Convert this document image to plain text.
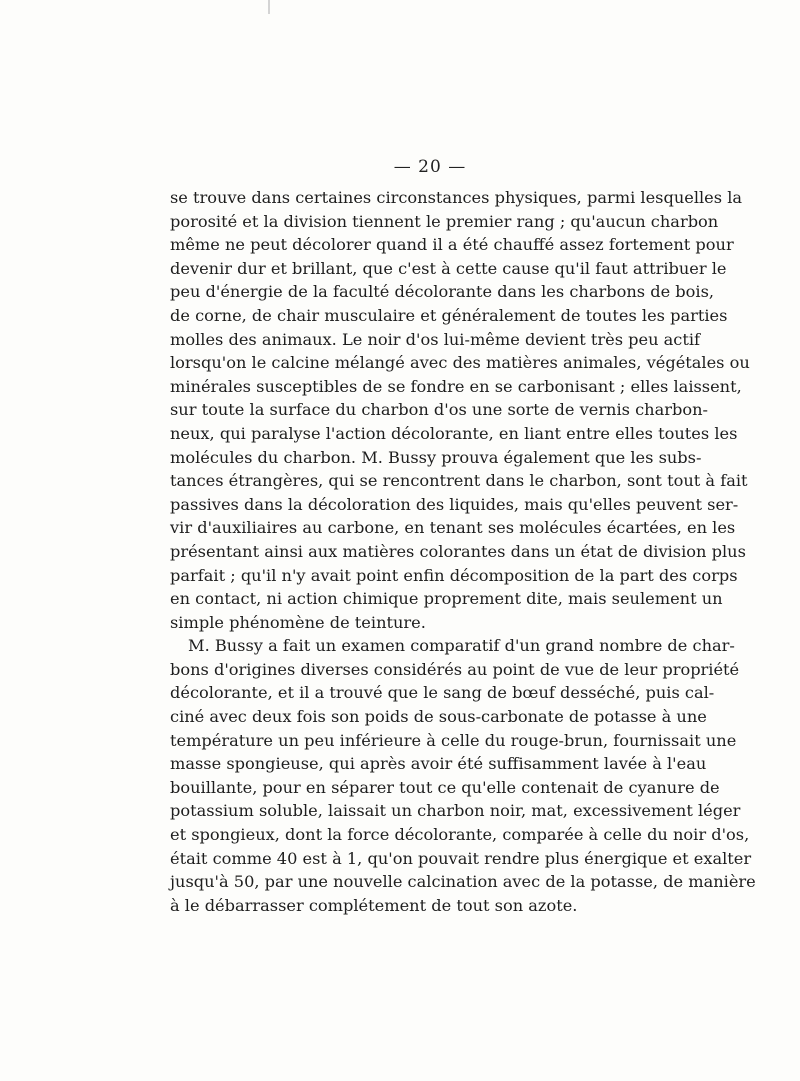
— 20 —
se trouve dans certaines circonstances physiques, parmi lesquelles la
porosité et la division tiennent le premier rang ; qu'aucun charbon
même ne peut décolorer quand il a été chauffé assez fortement pour
devenir dur et brillant, que c'est à cette cause qu'il faut attribuer le
peu d'énergie de la faculté décolorante dans les charbons de bois,
de corne, de chair musculaire et généralement de toutes les parties
molles des animaux. Le noir d'os lui-même devient très peu actif
lorsqu'on le calcine mélangé avec des matières animales, végétales ou
minérales susceptibles de se fondre en se carbonisant ; elles laissent,
sur toute la surface du charbon d'os une sorte de vernis charbon-
neux, qui paralyse l'action décolorante, en liant entre elles toutes les
molécules du charbon. M. Bussy prouva également que les subs-
tances étrangères, qui se rencontrent dans le charbon, sont tout à fait
passives dans la décoloration des liquides, mais qu'elles peuvent ser-
vir d'auxiliaires au carbone, en tenant ses molécules écartées, en les
présentant ainsi aux matières colorantes dans un état de division plus
parfait ; qu'il n'y avait point enfin décomposition de la part des corps
en contact, ni action chimique proprement dite, mais seulement un
simple phénomène de teinture.
M. Bussy a fait un examen comparatif d'un grand nombre de char-
bons d'origines diverses considérés au point de vue de leur propriété
décolorante, et il a trouvé que le sang de bœuf desséché, puis cal-
ciné avec deux fois son poids de sous-carbonate de potasse à une
température un peu inférieure à celle du rouge-brun, fournissait une
masse spongieuse, qui après avoir été suffisamment lavée à l'eau
bouillante, pour en séparer tout ce qu'elle contenait de cyanure de
potassium soluble, laissait un charbon noir, mat, excessivement léger
et spongieux, dont la force décolorante, comparée à celle du noir d'os,
était comme 40 est à 1, qu'on pouvait rendre plus énergique et exalter
jusqu'à 50, par une nouvelle calcination avec de la potasse, de manière
à le débarrasser complétement de tout son azote.
